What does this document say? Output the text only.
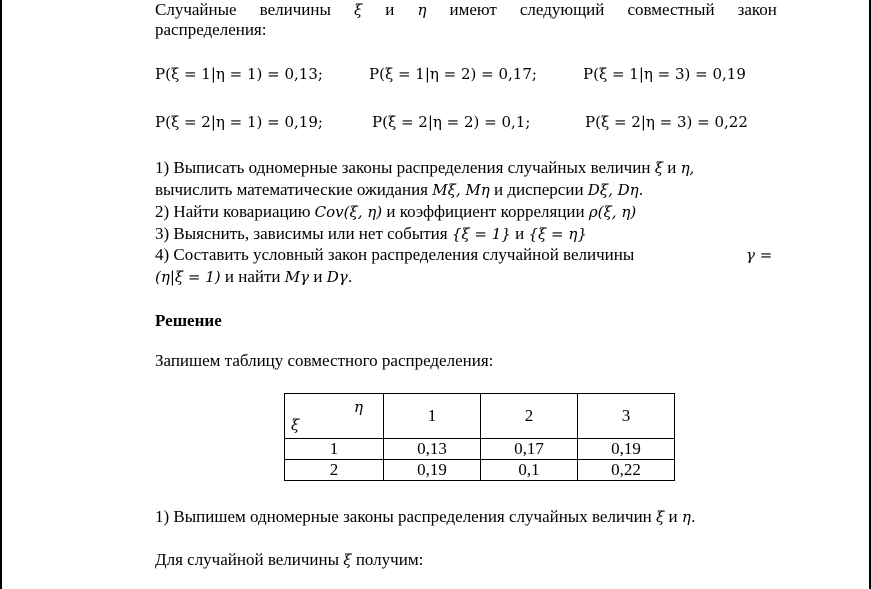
Случайные величины ξ и η имеют следующий совместный закон
распределения:
P(ξ = 1|η = 1) = 0,13;	P(ξ = 1|η = 2) = 0,17;	P(ξ = 1|η = 3) = 0,19
P(ξ = 2|η = 1) = 0,19;	P(ξ = 2|η = 2) = 0,1;	P(ξ = 2|η = 3) = 0,22
1) Выписать одномерные законы распределения случайных величин ξ и η,
вычислить математические ожидания Mξ, Mη и дисперсии Dξ, Dη.
2) Найти ковариацию Cov(ξ, η) и коэффициент корреляции ρ(ξ, η)
3) Выяснить, зависимы или нет события {ξ = 1} и {ξ = η}
4) Составить условный закон распределения случайной величины	γ =
(η|ξ = 1) и найти Mγ и Dγ.
Решение
Запишем таблицу совместного распределения:
η
ξ	1	2	3
1	0,13	0,17	0,19
2	0,19	0,1	0,22
1) Выпишем одномерные законы распределения случайных величин ξ и η.
Для случайной величины ξ получим:
